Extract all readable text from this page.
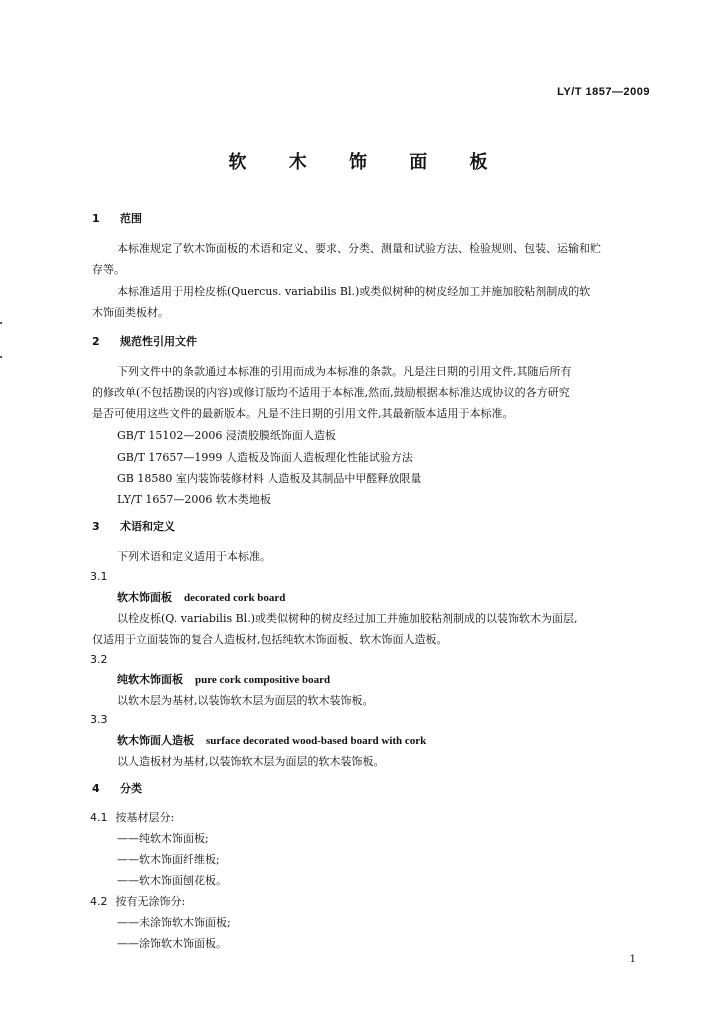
LY/T 1857—2009
软 木 饰 面 板
1 范围
本标准规定了软木饰面板的术语和定义、要求、分类、测量和试验方法、检验规则、包装、运输和贮
存等。
本标准适用于用栓皮栎(Quercus. variabilis Bl.)或类似树种的树皮经加工并施加胶粘剂制成的软
木饰面类板材。
2 规范性引用文件
下列文件中的条款通过本标准的引用而成为本标准的条款。凡是注日期的引用文件,其随后所有
的修改单(不包括勘误的内容)或修订版均不适用于本标准,然而,鼓励根据本标准达成协议的各方研究
是否可使用这些文件的最新版本。凡是不注日期的引用文件,其最新版本适用于本标准。
GB/T 15102—2006 浸渍胶膜纸饰面人造板
GB/T 17657—1999 人造板及饰面人造板理化性能试验方法
GB 18580 室内装饰装修材料 人造板及其制品中甲醛释放限量
LY/T 1657—2006 软木类地板
3 术语和定义
下列术语和定义适用于本标准。
3.1
软木饰面板 decorated cork board
以栓皮栎(Q. variabilis Bl.)或类似树种的树皮经过加工并施加胶粘剂制成的以装饰软木为面层,
仅适用于立面装饰的复合人造板材,包括纯软木饰面板、软木饰面人造板。
3.2
纯软木饰面板 pure cork compositive board
以软木层为基材,以装饰软木层为面层的软木装饰板。
3.3
软木饰面人造板 surface decorated wood-based board with cork
以人造板材为基材,以装饰软木层为面层的软木装饰板。
4 分类
4.1 按基材层分:
——纯软木饰面板;
——软木饰面纤维板;
——软木饰面刨花板。
4.2 按有无涂饰分:
——未涂饰软木饰面板;
——涂饰软木饰面板。
1
